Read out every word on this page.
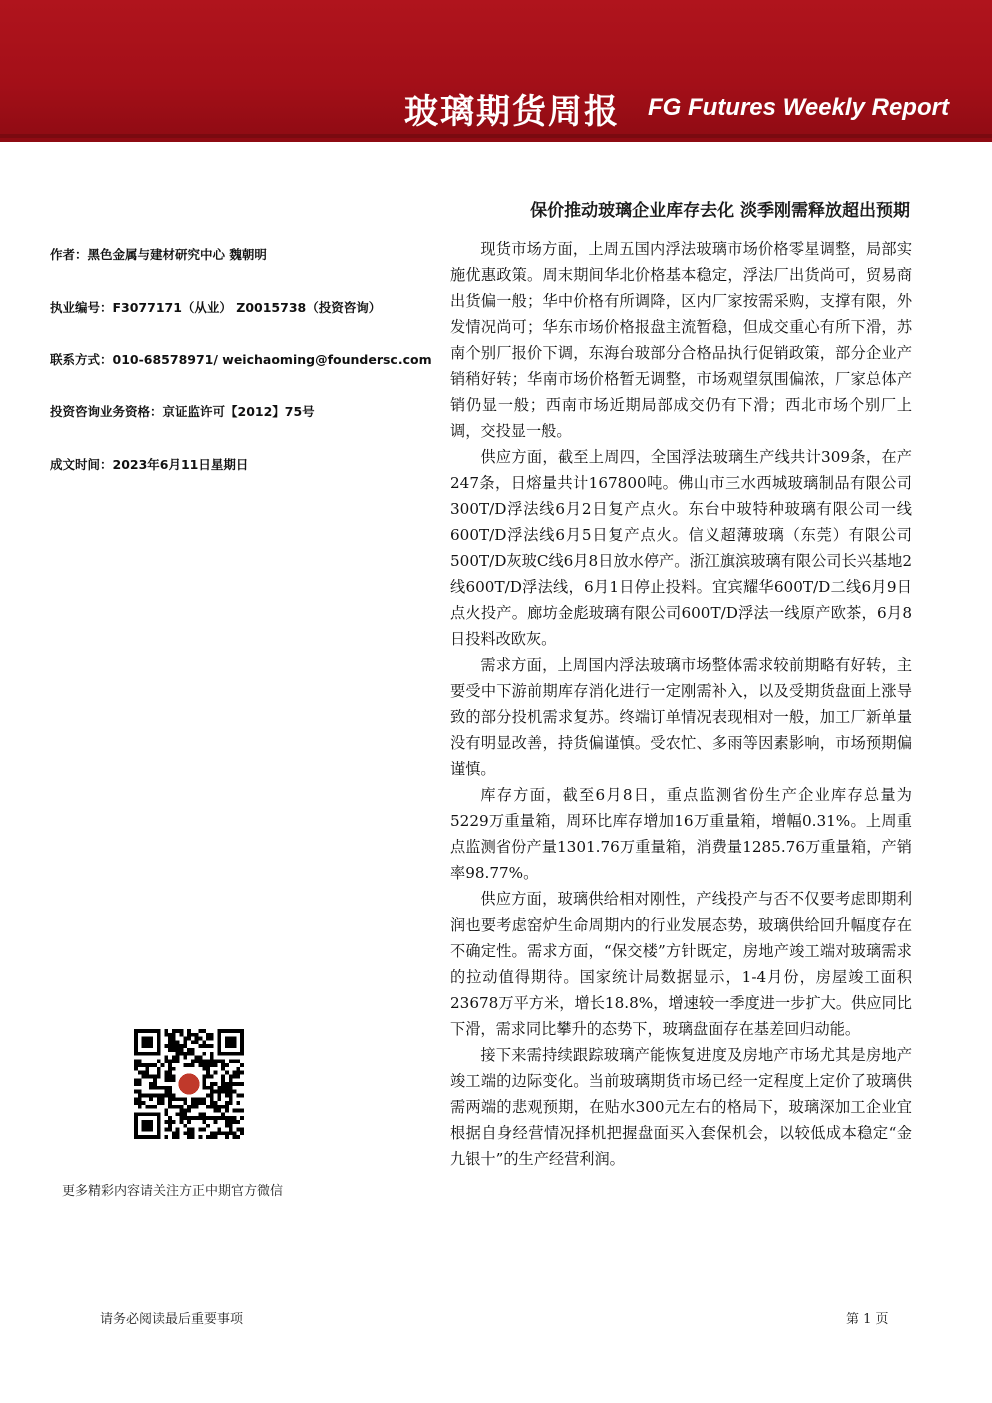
玻璃期货周报 FG Futures Weekly Report
保价推动玻璃企业库存去化 淡季刚需释放超出预期
作者：黑色金属与建材研究中心 魏朝明
执业编号：F3077171（从业） Z0015738（投资咨询）
联系方式：010-68578971/ weichaoming@foundersc.com
投资咨询业务资格：京证监许可【2012】75号
成文时间：2023年6月11日星期日

现货市场方面，上周五国内浮法玻璃市场价格零星调整，局部实施优惠政策。周末期间华北价格基本稳定，浮法厂出货尚可，贸易商出货偏一般；华中价格有所调降，区内厂家按需采购，支撑有限，外发情况尚可；华东市场价格报盘主流暂稳，但成交重心有所下滑，苏南个别厂报价下调，东海台玻部分合格品执行促销政策，部分企业产销稍好转；华南市场价格暂无调整，市场观望氛围偏浓，厂家总体产销仍显一般；西南市场近期局部成交仍有下滑；西北市场个别厂上调，交投显一般。

供应方面，截至上周四，全国浮法玻璃生产线共计309条，在产247条，日熔量共计167800吨。佛山市三水西城玻璃制品有限公司300T/D浮法线6月2日复产点火。东台中玻特种玻璃有限公司一线600T/D浮法线6月5日复产点火。信义超薄玻璃（东莞）有限公司500T/D灰玻C线6月8日放水停产。浙江旗滨玻璃有限公司长兴基地2线600T/D浮法线，6月1日停止投料。宜宾耀华600T/D二线6月9日点火投产。廊坊金彪玻璃有限公司600T/D浮法一线原产欧茶，6月8日投料改欧灰。

需求方面，上周国内浮法玻璃市场整体需求较前期略有好转，主要受中下游前期库存消化进行一定刚需补入，以及受期货盘面上涨导致的部分投机需求复苏。终端订单情况表现相对一般，加工厂新单量没有明显改善，持货偏谨慎。受农忙、多雨等因素影响，市场预期偏谨慎。

库存方面，截至6月8日，重点监测省份生产企业库存总量为5229万重量箱，周环比库存增加16万重量箱，增幅0.31%。上周重点监测省份产量1301.76万重量箱，消费量1285.76万重量箱，产销率98.77%。

供应方面，玻璃供给相对刚性，产线投产与否不仅要考虑即期利润也要考虑窑炉生命周期内的行业发展态势，玻璃供给回升幅度存在不确定性。需求方面，“保交楼”方针既定，房地产竣工端对玻璃需求的拉动值得期待。国家统计局数据显示，1-4月份，房屋竣工面积23678万平方米，增长18.8%，增速较一季度进一步扩大。供应同比下滑，需求同比攀升的态势下，玻璃盘面存在基差回归动能。

接下来需持续跟踪玻璃产能恢复进度及房地产市场尤其是房地产竣工端的边际变化。当前玻璃期货市场已经一定程度上定价了玻璃供需两端的悲观预期，在贴水300元左右的格局下，玻璃深加工企业宜根据自身经营情况择机把握盘面买入套保机会，以较低成本稳定“金九银十”的生产经营利润。

更多精彩内容请关注方正中期官方微信
请务必阅读最后重要事项	第 1 页
